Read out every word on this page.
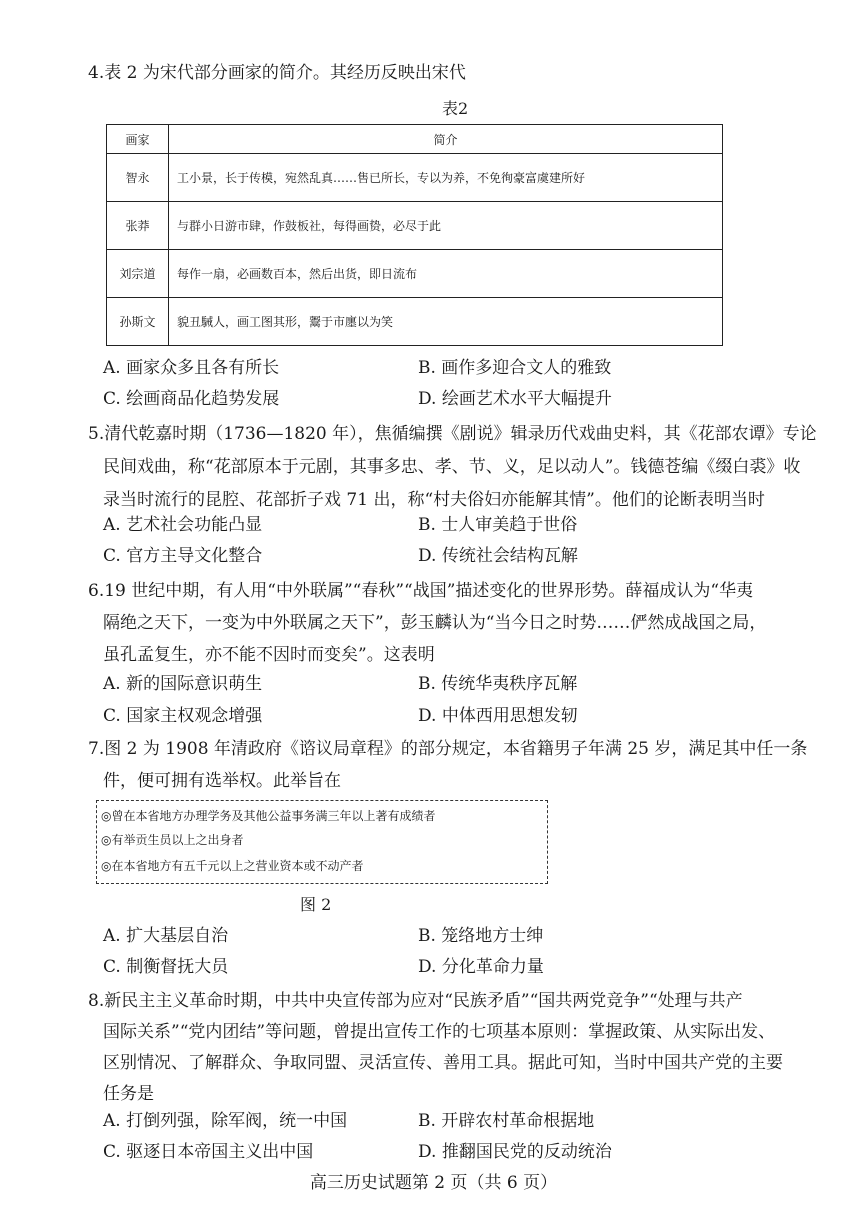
4.表 2 为宋代部分画家的简介。其经历反映出宋代
表2
画家	简介
智永	工小景，长于传模，宛然乱真……售已所长，专以为养，不免徇豪富虞建所好
张莽	与群小日游市肆，作鼓板社，每得画贽，必尽于此
刘宗道	每作一扇，必画数百本，然后出货，即日流布
孙斯文	貌丑駴人，画工图其形，鬻于市廛以为笑
A. 画家众多且各有所长	B. 画作多迎合文人的雅致
C. 绘画商品化趋势发展	D. 绘画艺术水平大幅提升
5.清代乾嘉时期（1736—1820 年），焦循编撰《剧说》辑录历代戏曲史料，其《花部农谭》专论
民间戏曲，称“花部原本于元剧，其事多忠、孝、节、义，足以动人”。钱德苍编《缀白裘》收
录当时流行的昆腔、花部折子戏 71 出，称“村夫俗妇亦能解其情”。他们的论断表明当时
A. 艺术社会功能凸显	B. 士人审美趋于世俗
C. 官方主导文化整合	D. 传统社会结构瓦解
6.19 世纪中期，有人用“中外联属”“春秋”“战国”描述变化的世界形势。薛福成认为“华夷
隔绝之天下，一变为中外联属之天下”，彭玉麟认为“当今日之时势……俨然成战国之局，
虽孔孟复生，亦不能不因时而变矣”。这表明
A. 新的国际意识萌生	B. 传统华夷秩序瓦解
C. 国家主权观念增强	D. 中体西用思想发轫
7.图 2 为 1908 年清政府《谘议局章程》的部分规定，本省籍男子年满 25 岁，满足其中任一条
件，便可拥有选举权。此举旨在
◎曾在本省地方办理学务及其他公益事务满三年以上著有成绩者
◎有举贡生员以上之出身者
◎在本省地方有五千元以上之营业资本或不动产者
图 2
A. 扩大基层自治	B. 笼络地方士绅
C. 制衡督抚大员	D. 分化革命力量
8.新民主主义革命时期，中共中央宣传部为应对“民族矛盾”“国共两党竞争”“处理与共产
国际关系”“党内团结”等问题，曾提出宣传工作的七项基本原则：掌握政策、从实际出发、
区别情况、了解群众、争取同盟、灵活宣传、善用工具。据此可知，当时中国共产党的主要
任务是
A. 打倒列强，除军阀，统一中国	B. 开辟农村革命根据地
C. 驱逐日本帝国主义出中国	D. 推翻国民党的反动统治
高三历史试题第 2 页（共 6 页）
